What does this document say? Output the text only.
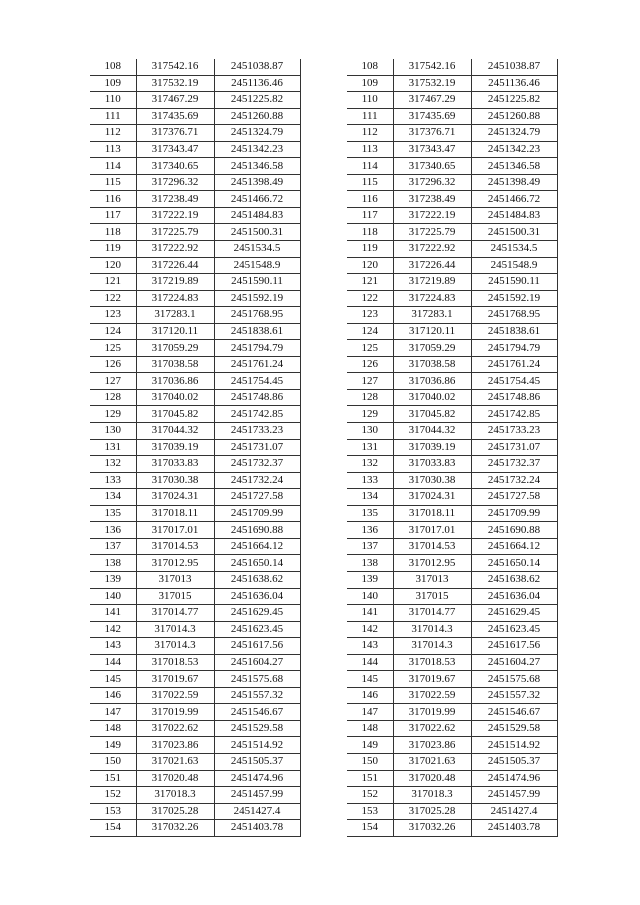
108	317542.16	2451038.87
109	317532.19	2451136.46
110	317467.29	2451225.82
111	317435.69	2451260.88
112	317376.71	2451324.79
113	317343.47	2451342.23
114	317340.65	2451346.58
115	317296.32	2451398.49
116	317238.49	2451466.72
117	317222.19	2451484.83
118	317225.79	2451500.31
119	317222.92	2451534.5
120	317226.44	2451548.9
121	317219.89	2451590.11
122	317224.83	2451592.19
123	317283.1	2451768.95
124	317120.11	2451838.61
125	317059.29	2451794.79
126	317038.58	2451761.24
127	317036.86	2451754.45
128	317040.02	2451748.86
129	317045.82	2451742.85
130	317044.32	2451733.23
131	317039.19	2451731.07
132	317033.83	2451732.37
133	317030.38	2451732.24
134	317024.31	2451727.58
135	317018.11	2451709.99
136	317017.01	2451690.88
137	317014.53	2451664.12
138	317012.95	2451650.14
139	317013	2451638.62
140	317015	2451636.04
141	317014.77	2451629.45
142	317014.3	2451623.45
143	317014.3	2451617.56
144	317018.53	2451604.27
145	317019.67	2451575.68
146	317022.59	2451557.32
147	317019.99	2451546.67
148	317022.62	2451529.58
149	317023.86	2451514.92
150	317021.63	2451505.37
151	317020.48	2451474.96
152	317018.3	2451457.99
153	317025.28	2451427.4
154	317032.26	2451403.78
108	317542.16	2451038.87
109	317532.19	2451136.46
110	317467.29	2451225.82
111	317435.69	2451260.88
112	317376.71	2451324.79
113	317343.47	2451342.23
114	317340.65	2451346.58
115	317296.32	2451398.49
116	317238.49	2451466.72
117	317222.19	2451484.83
118	317225.79	2451500.31
119	317222.92	2451534.5
120	317226.44	2451548.9
121	317219.89	2451590.11
122	317224.83	2451592.19
123	317283.1	2451768.95
124	317120.11	2451838.61
125	317059.29	2451794.79
126	317038.58	2451761.24
127	317036.86	2451754.45
128	317040.02	2451748.86
129	317045.82	2451742.85
130	317044.32	2451733.23
131	317039.19	2451731.07
132	317033.83	2451732.37
133	317030.38	2451732.24
134	317024.31	2451727.58
135	317018.11	2451709.99
136	317017.01	2451690.88
137	317014.53	2451664.12
138	317012.95	2451650.14
139	317013	2451638.62
140	317015	2451636.04
141	317014.77	2451629.45
142	317014.3	2451623.45
143	317014.3	2451617.56
144	317018.53	2451604.27
145	317019.67	2451575.68
146	317022.59	2451557.32
147	317019.99	2451546.67
148	317022.62	2451529.58
149	317023.86	2451514.92
150	317021.63	2451505.37
151	317020.48	2451474.96
152	317018.3	2451457.99
153	317025.28	2451427.4
154	317032.26	2451403.78
